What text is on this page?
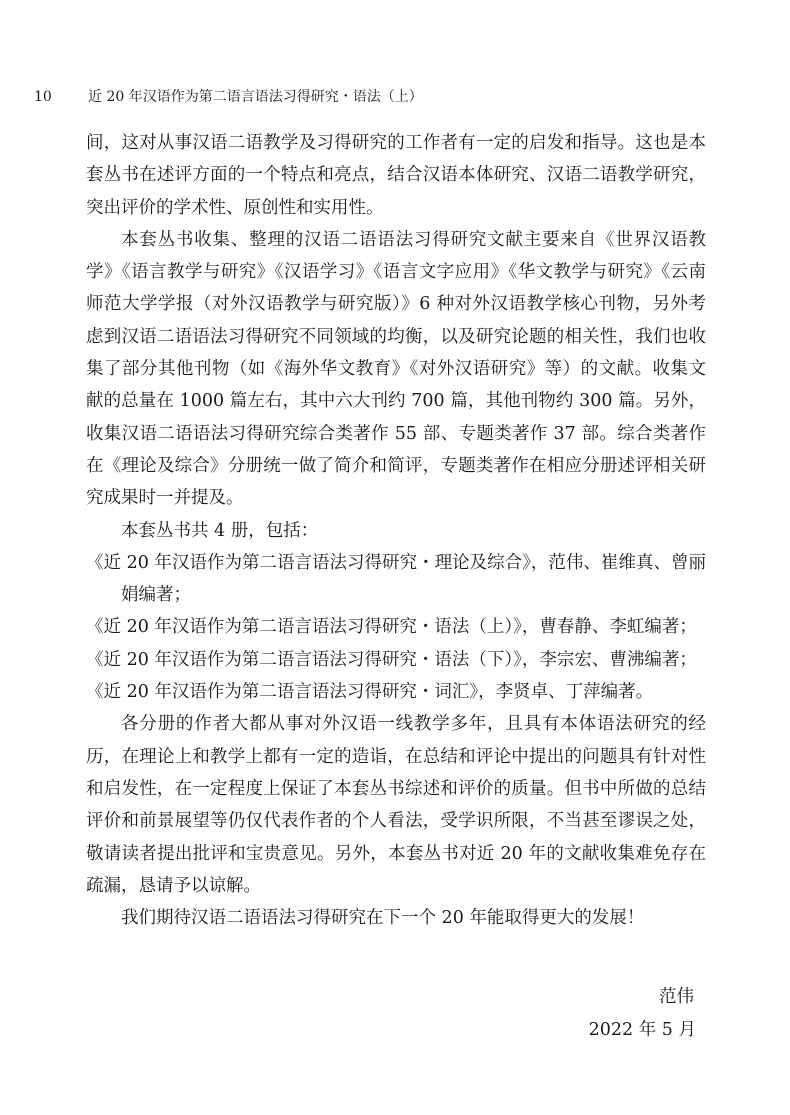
10	近 20 年汉语作为第二语言语法习得研究・语法（上）

间，这对从事汉语二语教学及习得研究的工作者有一定的启发和指导。这也是本套丛书在述评方面的一个特点和亮点，结合汉语本体研究、汉语二语教学研究，突出评价的学术性、原创性和实用性。

本套丛书收集、整理的汉语二语语法习得研究文献主要来自《世界汉语教学》《语言教学与研究》《汉语学习》《语言文字应用》《华文教学与研究》《云南师范大学学报（对外汉语教学与研究版）》6 种对外汉语教学核心刊物，另外考虑到汉语二语语法习得研究不同领域的均衡，以及研究论题的相关性，我们也收集了部分其他刊物（如《海外华文教育》《对外汉语研究》等）的文献。收集文献的总量在 1000 篇左右，其中六大刊约 700 篇，其他刊物约 300 篇。另外，收集汉语二语语法习得研究综合类著作 55 部、专题类著作 37 部。综合类著作在《理论及综合》分册统一做了简介和简评，专题类著作在相应分册述评相关研究成果时一并提及。

本套丛书共 4 册，包括：

《近 20 年汉语作为第二语言语法习得研究・理论及综合》，范伟、崔维真、曾丽娟编著；

《近 20 年汉语作为第二语言语法习得研究・语法（上）》，曹春静、李虹编著；

《近 20 年汉语作为第二语言语法习得研究・语法（下）》，李宗宏、曹沸编著；

《近 20 年汉语作为第二语言语法习得研究・词汇》，李贤卓、丁萍编著。

各分册的作者大都从事对外汉语一线教学多年，且具有本体语法研究的经历，在理论上和教学上都有一定的造诣，在总结和评论中提出的问题具有针对性和启发性，在一定程度上保证了本套丛书综述和评价的质量。但书中所做的总结评价和前景展望等仍仅代表作者的个人看法，受学识所限，不当甚至谬误之处，敬请读者提出批评和宝贵意见。另外，本套丛书对近 20 年的文献收集难免存在疏漏，恳请予以谅解。

我们期待汉语二语语法习得研究在下一个 20 年能取得更大的发展！

范伟
2022 年 5 月
